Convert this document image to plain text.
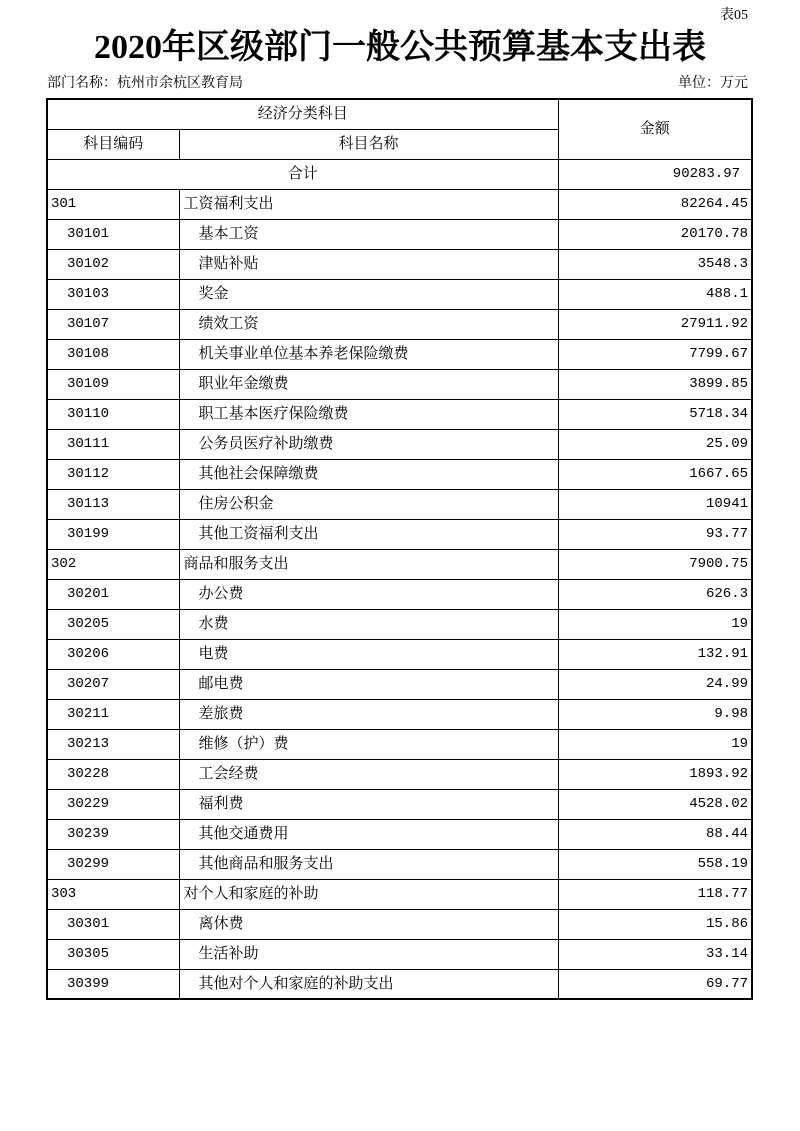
表05
2020年区级部门一般公共预算基本支出表
部门名称：杭州市余杭区教育局	单位：万元
经济分类科目		金额
科目编码	科目名称	
合计		90283.97
301	工资福利支出	82264.45
30101	基本工资	20170.78
30102	津贴补贴	3548.3
30103	奖金	488.1
30107	绩效工资	27911.92
30108	机关事业单位基本养老保险缴费	7799.67
30109	职业年金缴费	3899.85
30110	职工基本医疗保险缴费	5718.34
30111	公务员医疗补助缴费	25.09
30112	其他社会保障缴费	1667.65
30113	住房公积金	10941
30199	其他工资福利支出	93.77
302	商品和服务支出	7900.75
30201	办公费	626.3
30205	水费	19
30206	电费	132.91
30207	邮电费	24.99
30211	差旅费	9.98
30213	维修（护）费	19
30228	工会经费	1893.92
30229	福利费	4528.02
30239	其他交通费用	88.44
30299	其他商品和服务支出	558.19
303	对个人和家庭的补助	118.77
30301	离休费	15.86
30305	生活补助	33.14
30399	其他对个人和家庭的补助支出	69.77
